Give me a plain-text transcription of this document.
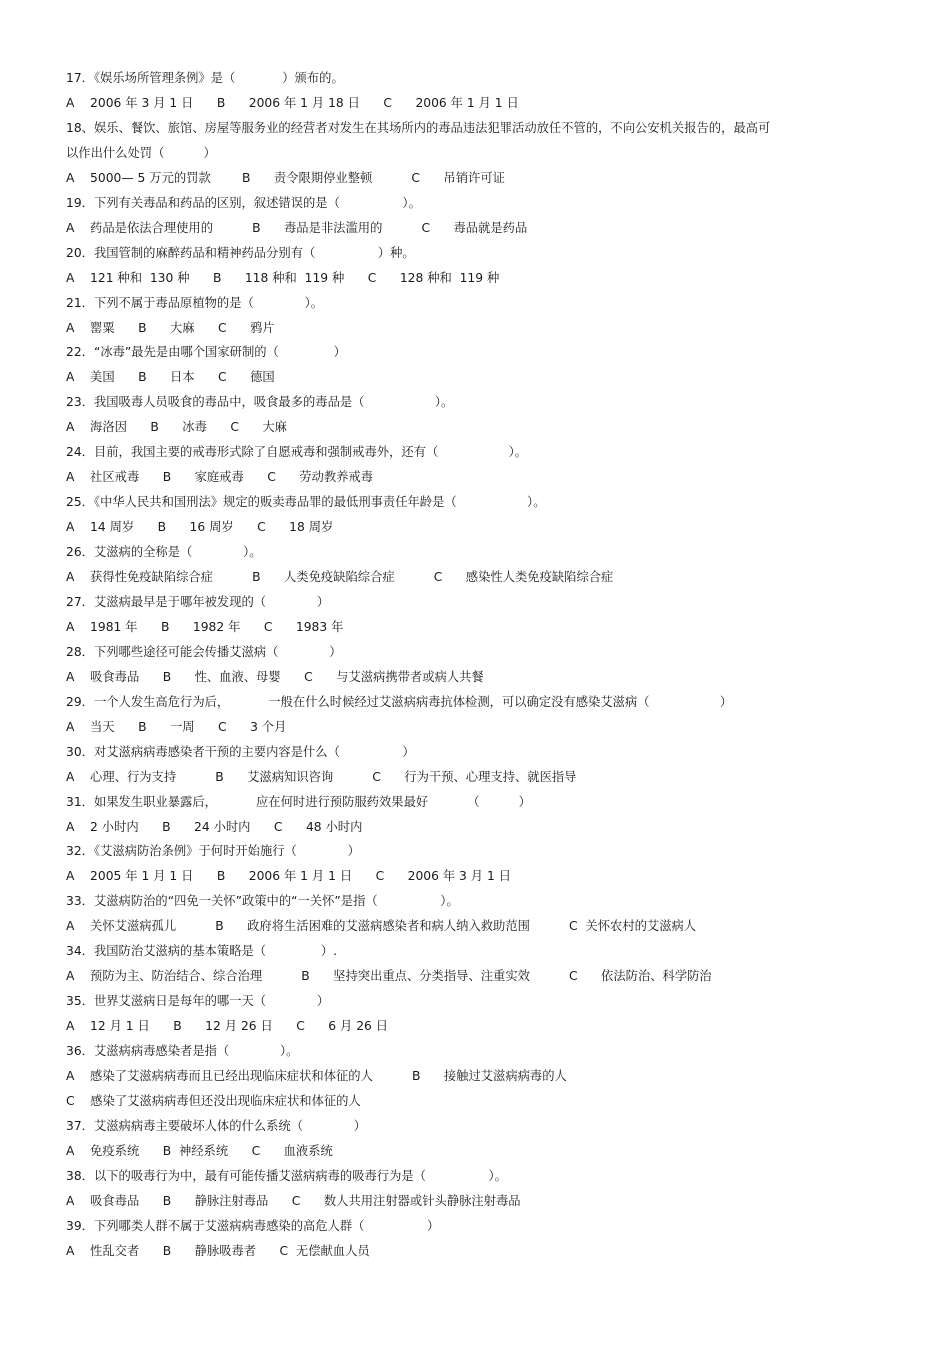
17．《娱乐场所管理条例》是（            ）颁布的。
A    2006 年 3 月 1 日      B      2006 年 1 月 18 日      C      2006 年 1 月 1 日
18、娱乐、餐饮、旅馆、房屋等服务业的经营者对发生在其场所内的毒品违法犯罪活动放任不管的，不向公安机关报告的，最高可
以作出什么处罚（          ）
A    5000— 5 万元的罚款        B      责令限期停业整顿          C      吊销许可证
19．下列有关毒品和药品的区别，叙述错误的是（                ）。
A    药品是依法合理使用的          B      毒品是非法滥用的          C      毒品就是药品
20．我国管制的麻醉药品和精神药品分别有（                ）种。
A    121 种和  130 种      B      118 种和  119 种      C      128 种和  119 种
21．下列不属于毒品原植物的是（             ）。
A    罂粟      B      大麻      C      鸦片
22．“冰毒”最先是由哪个国家研制的（              ）
A    美国      B      日本      C      德国
23．我国吸毒人员吸食的毒品中，吸食最多的毒品是（                  ）。
A    海洛因      B      冰毒      C      大麻
24．目前，我国主要的戒毒形式除了自愿戒毒和强制戒毒外，还有（                  ）。
A    社区戒毒      B      家庭戒毒      C      劳动教养戒毒
25．《中华人民共和国刑法》规定的贩卖毒品罪的最低刑事责任年龄是（                  ）。
A    14 周岁      B      16 周岁      C      18 周岁
26．艾滋病的全称是（             ）。
A    获得性免疫缺陷综合症          B      人类免疫缺陷综合症          C      感染性人类免疫缺陷综合症
27．艾滋病最早是于哪年被发现的（             ）
A    1981 年      B      1982 年      C      1983 年
28．下列哪些途径可能会传播艾滋病（             ）
A    吸食毒品      B      性、血液、母婴      C      与艾滋病携带者或病人共餐
29．一个人发生高危行为后，          一般在什么时候经过艾滋病病毒抗体检测，可以确定没有感染艾滋病（                  ）
A    当天      B      一周      C      3 个月
30．对艾滋病病毒感染者干预的主要内容是什么（                ）
A    心理、行为支持          B      艾滋病知识咨询          C      行为干预、心理支持、就医指导
31．如果发生职业暴露后，          应在何时进行预防服药效果最好          （          ）
A    2 小时内      B      24 小时内      C      48 小时内
32．《艾滋病防治条例》于何时开始施行（             ）
A    2005 年 1 月 1 日      B      2006 年 1 月 1 日      C      2006 年 3 月 1 日
33．艾滋病防治的“四免一关怀”政策中的“一关怀”是指（                ）。
A    关怀艾滋病孤儿          B      政府将生活困难的艾滋病感染者和病人纳入救助范围          C  关怀农村的艾滋病人
34．我国防治艾滋病的基本策略是（              ）.
A    预防为主、防治结合、综合治理          B      坚持突出重点、分类指导、注重实效          C      依法防治、科学防治
35．世界艾滋病日是每年的哪一天（             ）
A    12 月 1 日      B      12 月 26 日      C      6 月 26 日
36．艾滋病病毒感染者是指（             ）。
A    感染了艾滋病病毒而且已经出现临床症状和体征的人          B      接触过艾滋病病毒的人
C    感染了艾滋病病毒但还没出现临床症状和体征的人
37．艾滋病病毒主要破坏人体的什么系统（             ）
A    免疫系统      B  神经系统      C      血液系统
38．以下的吸毒行为中，最有可能传播艾滋病病毒的吸毒行为是（                ）。
A    吸食毒品      B      静脉注射毒品      C      数人共用注射器或针头静脉注射毒品
39．下列哪类人群不属于艾滋病病毒感染的高危人群（                ）
A    性乱交者      B      静脉吸毒者      C  无偿献血人员
